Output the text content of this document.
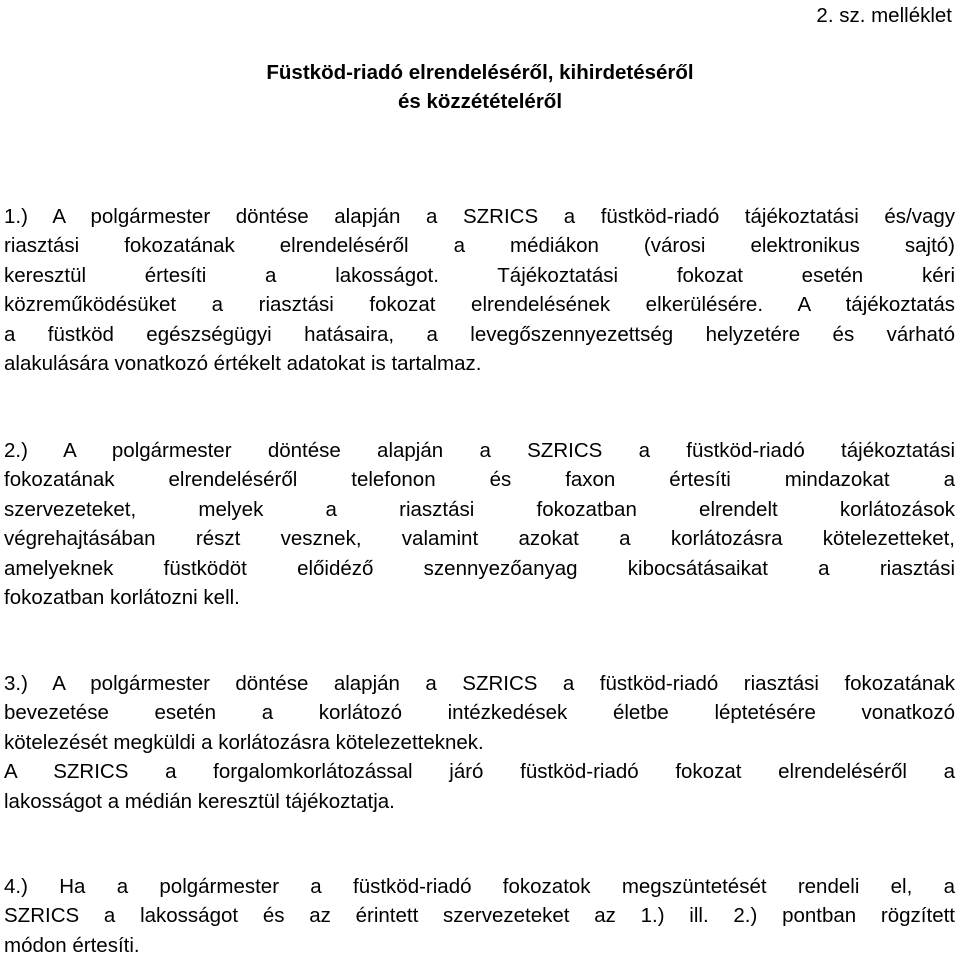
2. sz. melléklet
Füstköd-riadó elrendeléséről, kihirdetéséről
és közzétételéről
1.) A polgármester döntése alapján a SZRICS a füstköd-riadó tájékoztatási és/vagy
riasztási fokozatának elrendeléséről a médiákon (városi elektronikus sajtó)
keresztül értesíti a lakosságot. Tájékoztatási fokozat esetén kéri
közreműködésüket a riasztási fokozat elrendelésének elkerülésére. A tájékoztatás
a füstköd egészségügyi hatásaira, a levegőszennyezettség helyzetére és várható
alakulására vonatkozó értékelt adatokat is tartalmaz.
2.) A polgármester döntése alapján a SZRICS a füstköd-riadó tájékoztatási
fokozatának elrendeléséről telefonon és faxon értesíti mindazokat a
szervezeteket, melyek a riasztási fokozatban elrendelt korlátozások
végrehajtásában részt vesznek, valamint azokat a korlátozásra kötelezetteket,
amelyeknek füstködöt előidéző szennyezőanyag kibocsátásaikat a riasztási
fokozatban korlátozni kell.
3.) A polgármester döntése alapján a SZRICS a füstköd-riadó riasztási fokozatának
bevezetése esetén a korlátozó intézkedések életbe léptetésére vonatkozó
kötelezését megküldi a korlátozásra kötelezetteknek.
A SZRICS a forgalomkorlátozással járó füstköd-riadó fokozat elrendeléséről a
lakosságot a médián keresztül tájékoztatja.
4.) Ha a polgármester a füstköd-riadó fokozatok megszüntetését rendeli el, a
SZRICS a lakosságot és az érintett szervezeteket az 1.) ill. 2.) pontban rögzített
módon értesíti.
